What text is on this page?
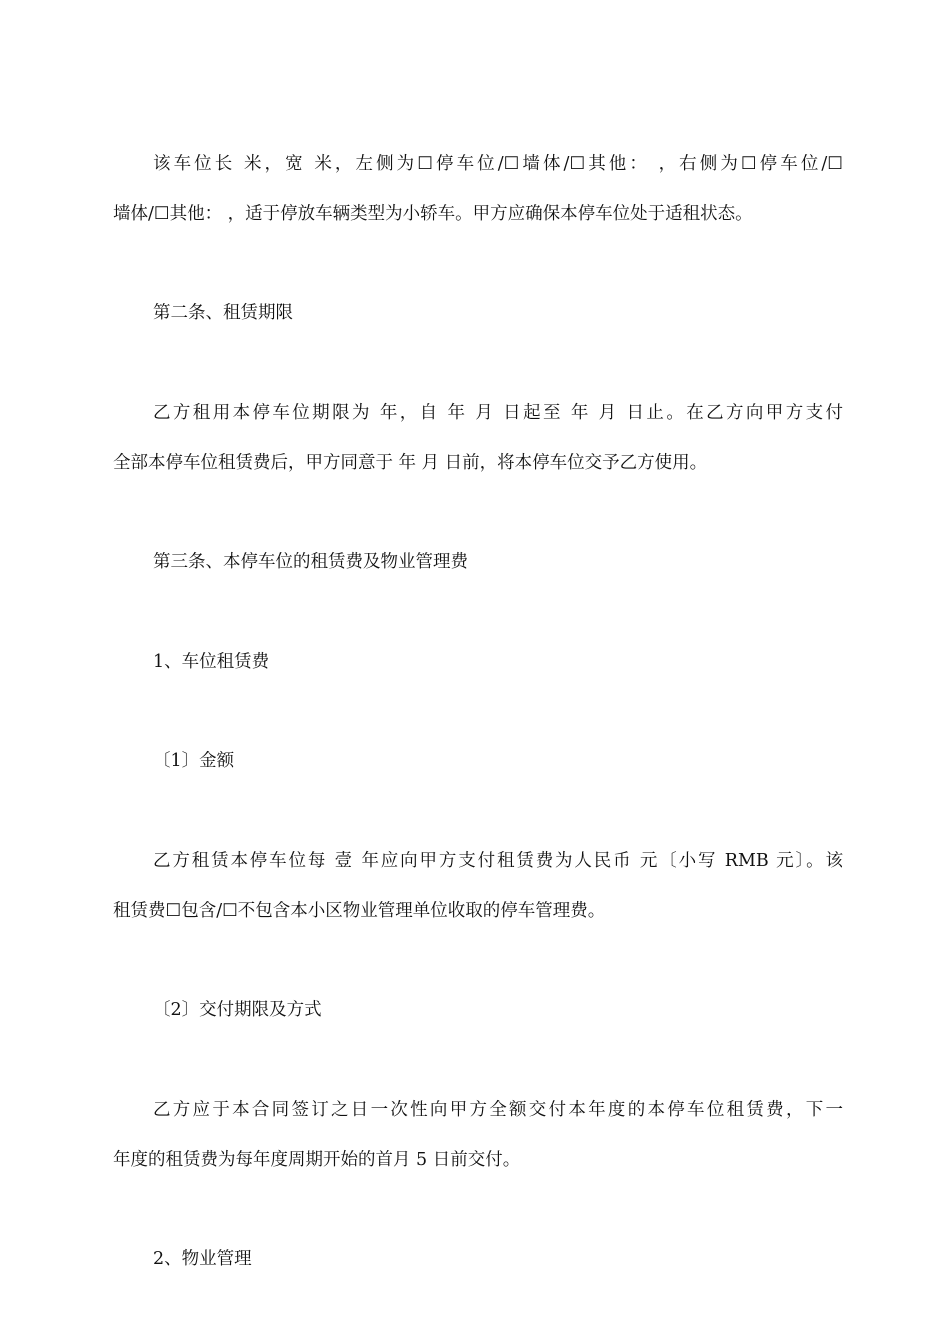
该车位长 米，宽 米，左侧为☐停车位/☐墙体/☐其他： ，右侧为☐停车位/☐
墙体/☐其他： ，适于停放车辆类型为小轿车。甲方应确保本停车位处于适租状态。
第二条、租赁期限
乙方租用本停车位期限为 年，自 年 月 日起至 年 月 日止。在乙方向甲方支付
全部本停车位租赁费后，甲方同意于 年 月 日前，将本停车位交予乙方使用。
第三条、本停车位的租赁费及物业管理费
1、车位租赁费
〔1〕金额
乙方租赁本停车位每 壹 年应向甲方支付租赁费为人民币 元〔小写 RMB 元〕。该
租赁费☐包含/☐不包含本小区物业管理单位收取的停车管理费。
〔2〕交付期限及方式
乙方应于本合同签订之日一次性向甲方全额交付本年度的本停车位租赁费，下一
年度的租赁费为每年度周期开始的首月 5 日前交付。
2、物业管理
